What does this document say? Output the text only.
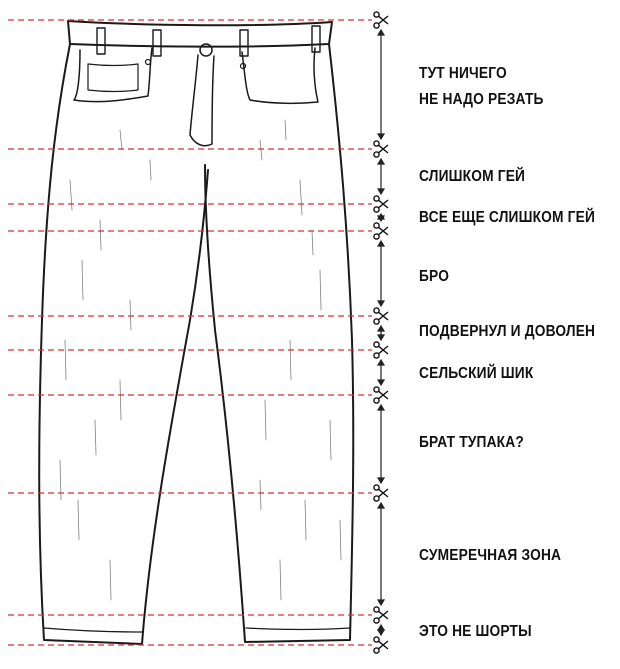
ТУТ НИЧЕГО
НЕ НАДО РЕЗАТЬ
СЛИШКОМ ГЕЙ
ВСЕ ЕЩЕ СЛИШКОМ ГЕЙ
БРО
ПОДВЕРНУЛ И ДОВОЛЕН
СЕЛЬСКИЙ ШИК
БРАТ ТУПАКА?
СУМЕРЕЧНАЯ ЗОНА
ЭТО НЕ ШОРТЫ
